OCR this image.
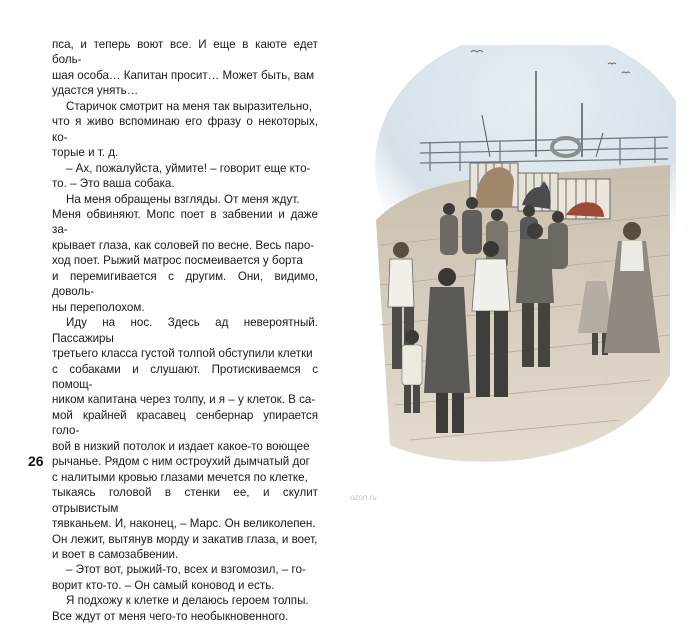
пса, и теперь воют все. И еще в каюте едет боль-

шая особа… Капитан просит… Может быть, вам

удастся унять…

Старичок смотрит на меня так выразительно,

что я живо вспоминаю его фразу о некоторых, ко-

торые и т. д.

– Ах, пожалуйста, уймите! – говорит еще кто-

то. – Это ваша собака.

На меня обращены взгляды. От меня ждут.

Меня обвиняют. Мопс поет в забвении и даже за-

крывает глаза, как соловей по весне. Весь паро-

ход поет. Рыжий матрос посмеивается у борта

и перемигивается с другим. Они, видимо, доволь-

ны переполохом.

Иду на нос. Здесь ад невероятный. Пассажиры

третьего класса густой толпой обступили клетки

с собаками и слушают. Протискиваемся с помощ-

ником капитана через толпу, и я – у клеток. В са-

мой крайней красавец сенбернар упирается голо-

вой в низкий потолок и издает какое-то воющее

рычанье. Рядом с ним остроухий дымчатый дог

с налитыми кровью глазами мечется по клетке,

тыкаясь головой в стенки ее, и скулит отрывистым

тявканьем. И, наконец, – Марс. Он великолепен.

Он лежит, вытянув морду и закатив глаза, и воет,

и воет в самозабвении.

– Этот вот, рыжий-то, всех и взгомозил, – го-

ворит кто-то. – Он самый коновод и есть.

Я подхожу к клетке и делаюсь героем толпы.

Все ждут от меня чего-то необыкновенного.

26
ozon.ru
